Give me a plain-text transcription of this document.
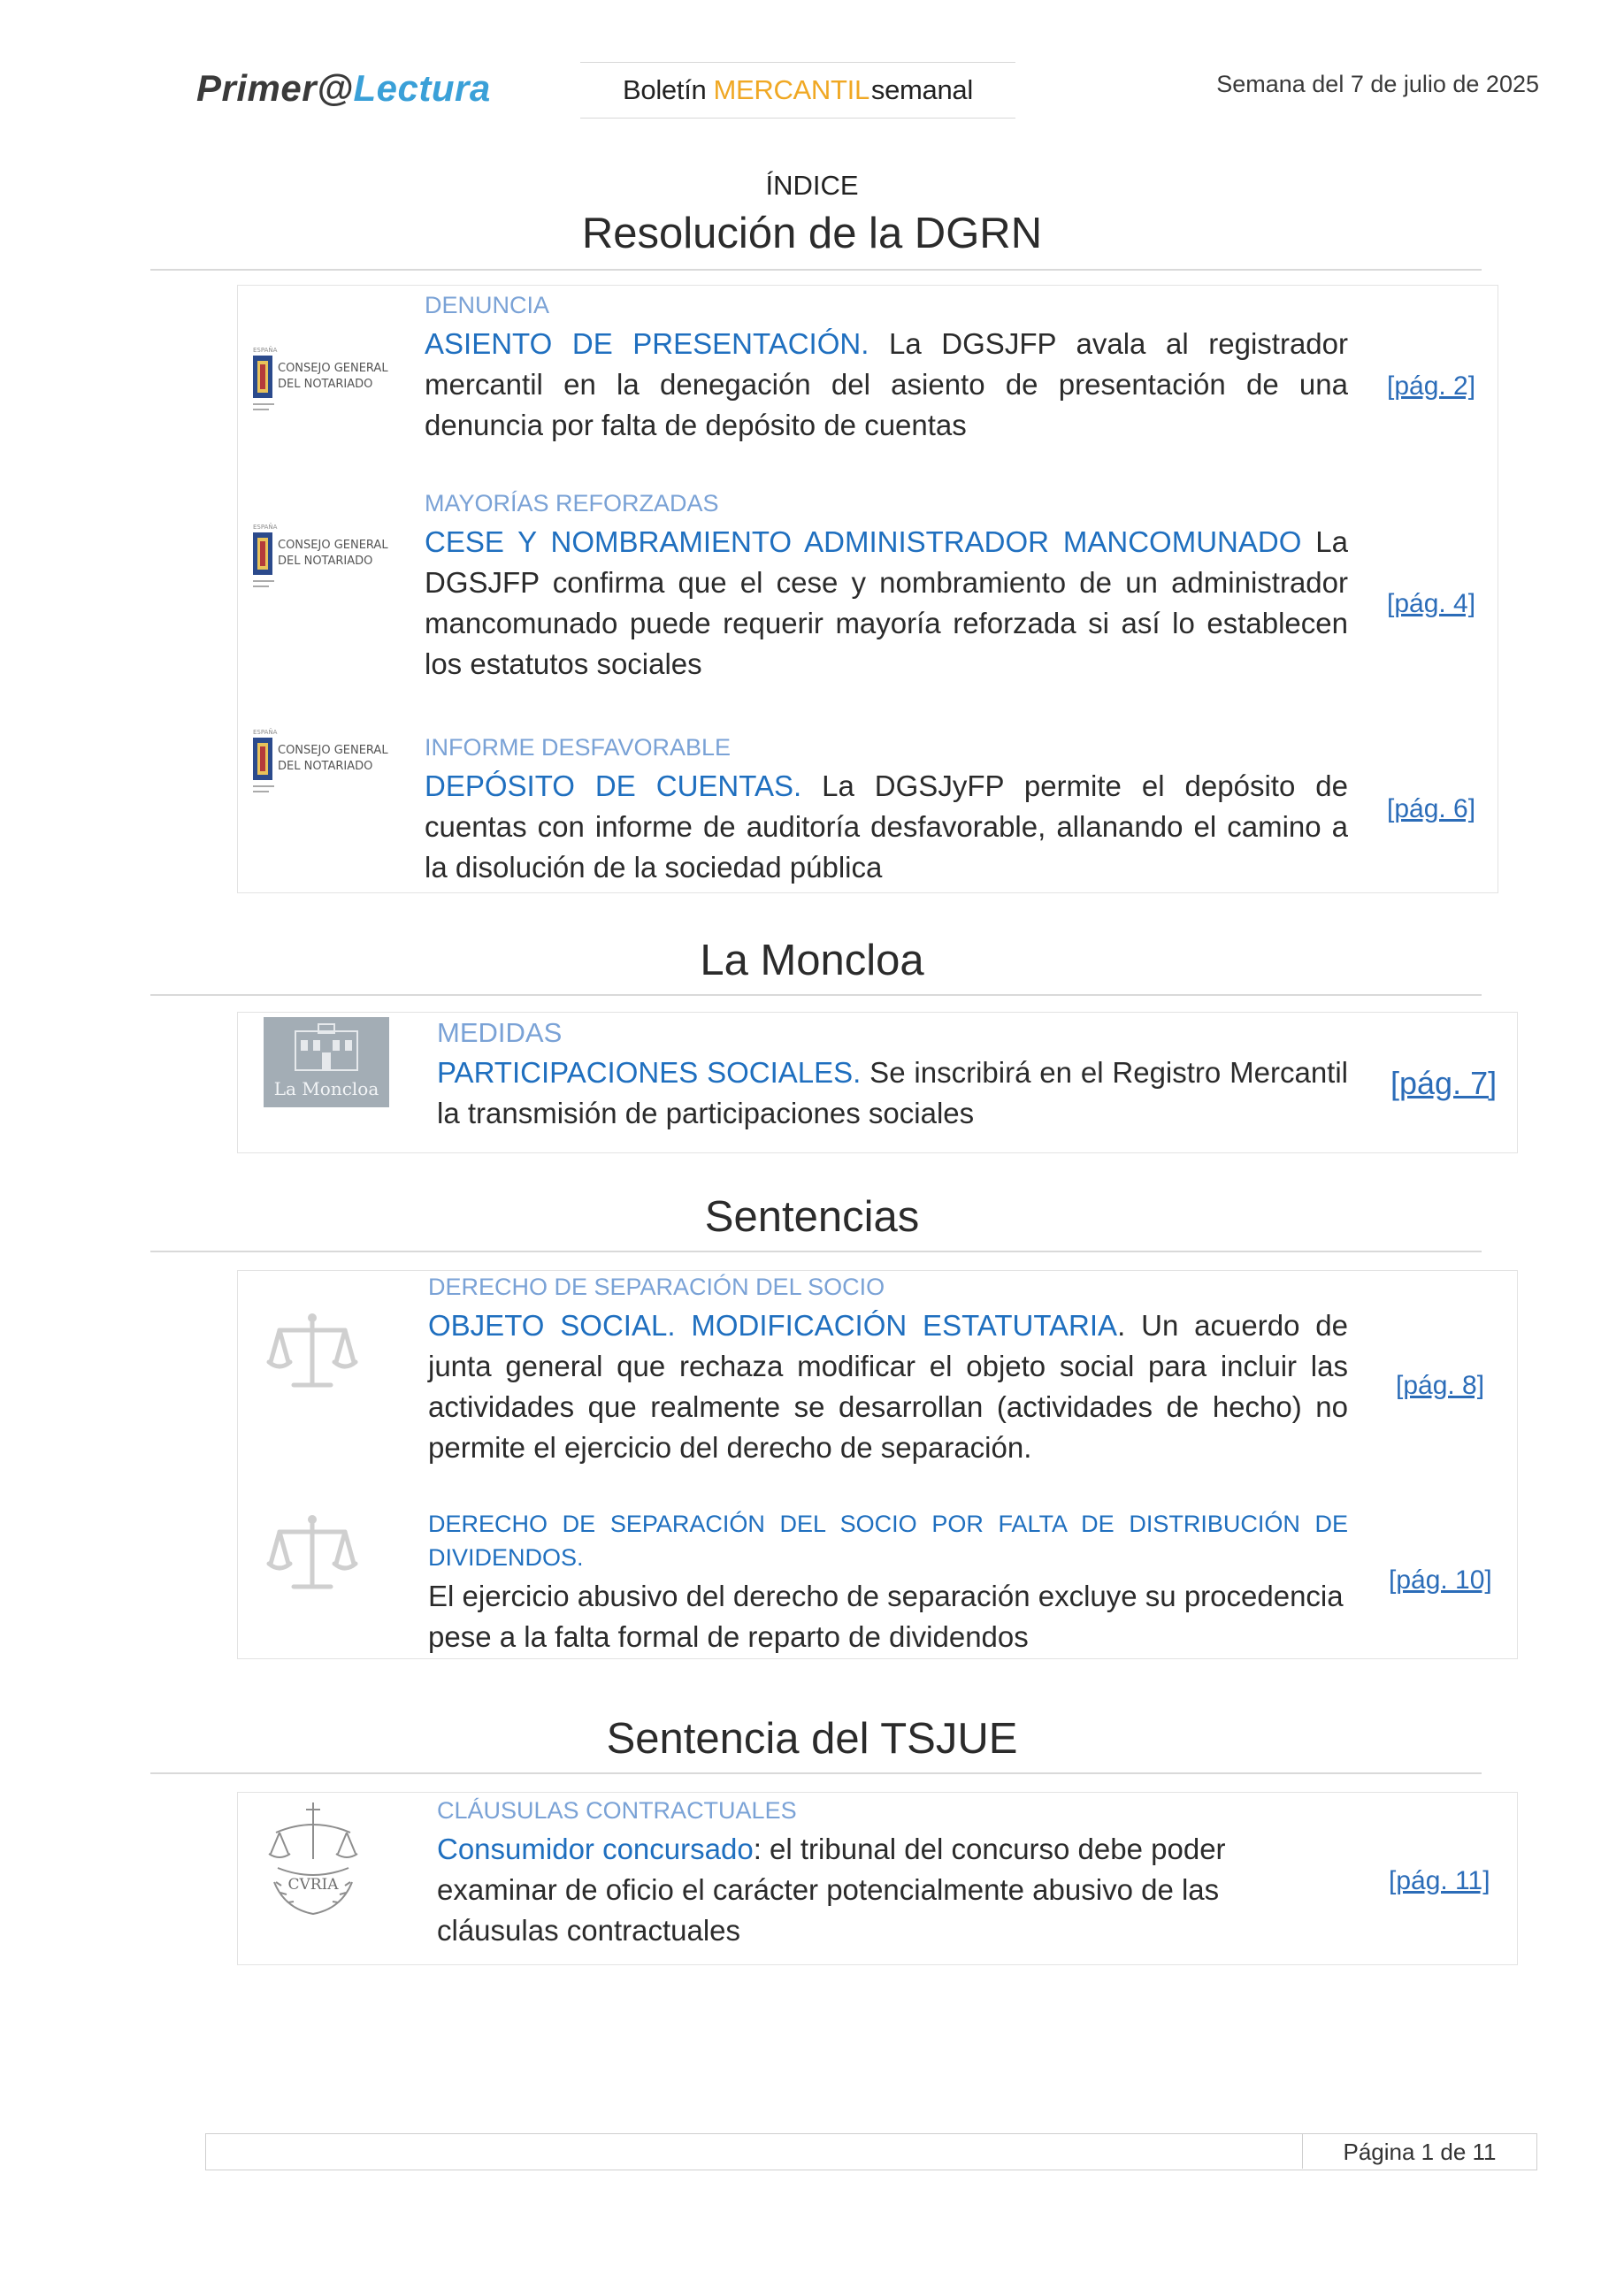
Primer@Lectura	Boletín MERCANTIL semanal	Semana del 7 de julio de 2025
ÍNDICE
Resolución de la DGRN
ESPAÑA
CONSEJO GENERAL
DEL NOTARIADO
DENUNCIA
ASIENTO DE PRESENTACIÓN. La DGSJFP avala al registrador mercantil en la denegación del asiento de presentación de una denuncia por falta de depósito de cuentas
[pág. 2]
ESPAÑA
CONSEJO GENERAL
DEL NOTARIADO
MAYORÍAS REFORZADAS
CESE Y NOMBRAMIENTO ADMINISTRADOR MANCOMUNADO La DGSJFP confirma que el cese y nombramiento de un administrador mancomunado puede requerir mayoría reforzada si así lo establecen los estatutos sociales
[pág. 4]
ESPAÑA
CONSEJO GENERAL
DEL NOTARIADO
INFORME DESFAVORABLE
DEPÓSITO DE CUENTAS. La DGSJyFP permite el depósito de cuentas con informe de auditoría desfavorable, allanando el camino a la disolución de la sociedad pública
[pág. 6]
La Moncloa
La Moncloa
MEDIDAS
PARTICIPACIONES SOCIALES. Se inscribirá en el Registro Mercantil la transmisión de participaciones sociales
[pág. 7]
Sentencias
DERECHO DE SEPARACIÓN DEL SOCIO
OBJETO SOCIAL. MODIFICACIÓN ESTATUTARIA. Un acuerdo de junta general que rechaza modificar el objeto social para incluir las actividades que realmente se desarrollan (actividades de hecho) no permite el ejercicio del derecho de separación.
[pág. 8]
DERECHO DE SEPARACIÓN DEL SOCIO POR FALTA DE DISTRIBUCIÓN DE DIVIDENDOS.
El ejercicio abusivo del derecho de separación excluye su procedencia pese a la falta formal de reparto de dividendos
[pág. 10]
Sentencia del TSJUE
CVRIA
CLÁUSULAS CONTRACTUALES
Consumidor concursado: el tribunal del concurso debe poder examinar de oficio el carácter potencialmente abusivo de las cláusulas contractuales
[pág. 11]
Página 1 de 11
